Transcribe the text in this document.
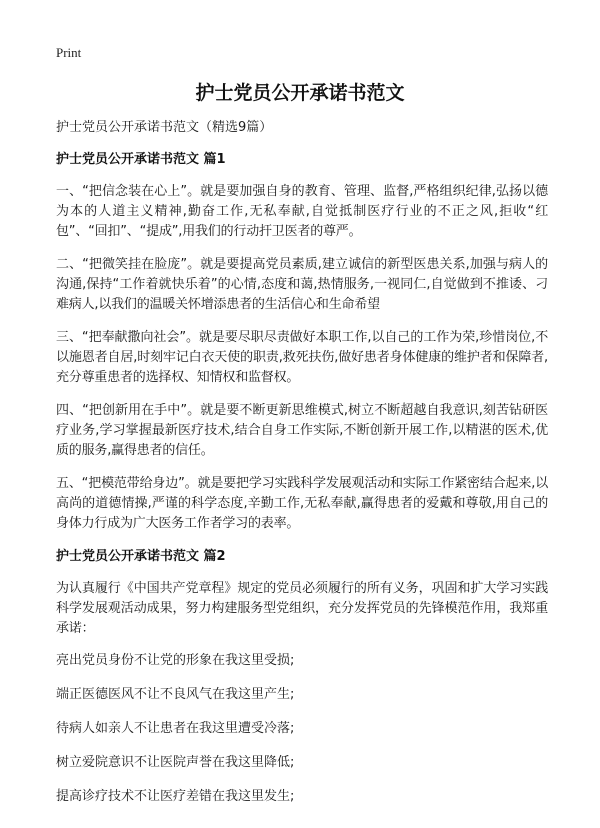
Print
护士党员公开承诺书范文
护士党员公开承诺书范文（精选9篇）
护士党员公开承诺书范文 篇1

一、“把信念装在心上”。就是要加强自身的教育、管理、监督,严格组织纪律,弘扬以德为本的人道主义精神,勤奋工作,无私奉献,自觉抵制医疗行业的不正之风,拒收“红包”、“回扣”、“提成”,用我们的行动扞卫医者的尊严。

二、“把微笑挂在脸庞”。就是要提高党员素质,建立诚信的新型医患关系,加强与病人的沟通,保持“工作着就快乐着”的心情,态度和蔼,热情服务,一视同仁,自觉做到不推诿、刁难病人,以我们的温暖关怀增添患者的生活信心和生命希望

三、“把奉献撒向社会”。就是要尽职尽责做好本职工作,以自己的工作为荣,珍惜岗位,不以施恩者自居,时刻牢记白衣天使的职责,救死扶伤,做好患者身体健康的维护者和保障者,充分尊重患者的选择权、知情权和监督权。

四、“把创新用在手中”。就是要不断更新思维模式,树立不断超越自我意识,刻苦钻研医疗业务,学习掌握最新医疗技术,结合自身工作实际,不断创新开展工作,以精湛的医术,优质的服务,赢得患者的信任。

五、“把模范带给身边”。就是要把学习实践科学发展观活动和实际工作紧密结合起来,以高尚的道德情操,严谨的科学态度,辛勤工作,无私奉献,赢得患者的爱戴和尊敬,用自己的身体力行成为广大医务工作者学习的表率。

护士党员公开承诺书范文 篇2

为认真履行《中国共产党章程》规定的党员必须履行的所有义务，巩固和扩大学习实践科学发展观活动成果，努力构建服务型党组织，充分发挥党员的先锋模范作用，我郑重承诺：

亮出党员身份不让党的形象在我这里受损;
端正医德医风不让不良风气在我这里产生;
待病人如亲人不让患者在我这里遭受冷落;
树立爱院意识不让医院声誉在我这里降低;
提高诊疗技术不让医疗差错在我这里发生;
